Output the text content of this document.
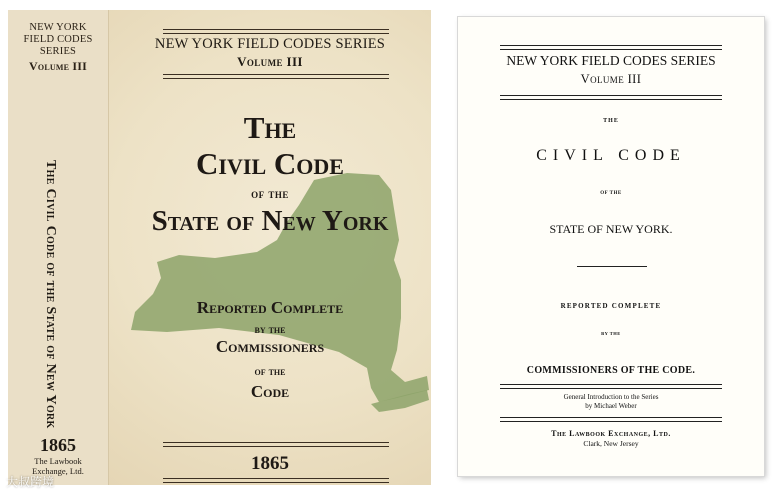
NEW YORK
FIELD CODES
SERIES
Volume III
The Civil Code of the State of New York
1865
The Lawbook
Exchange, Ltd.
NEW YORK FIELD CODES SERIES
Volume III
The
Civil Code
of the
State of New York
Reported Complete
by the
Commissioners
of the
Code
1865
NEW YORK FIELD CODES SERIES
Volume III
THE
CIVIL CODE
OF THE
STATE OF NEW YORK.
REPORTED COMPLETE
BY THE
COMMISSIONERS OF THE CODE.
General Introduction to the Series
by Michael Weber
The Lawbook Exchange, Ltd.
Clark, New Jersey
大叔跨境
